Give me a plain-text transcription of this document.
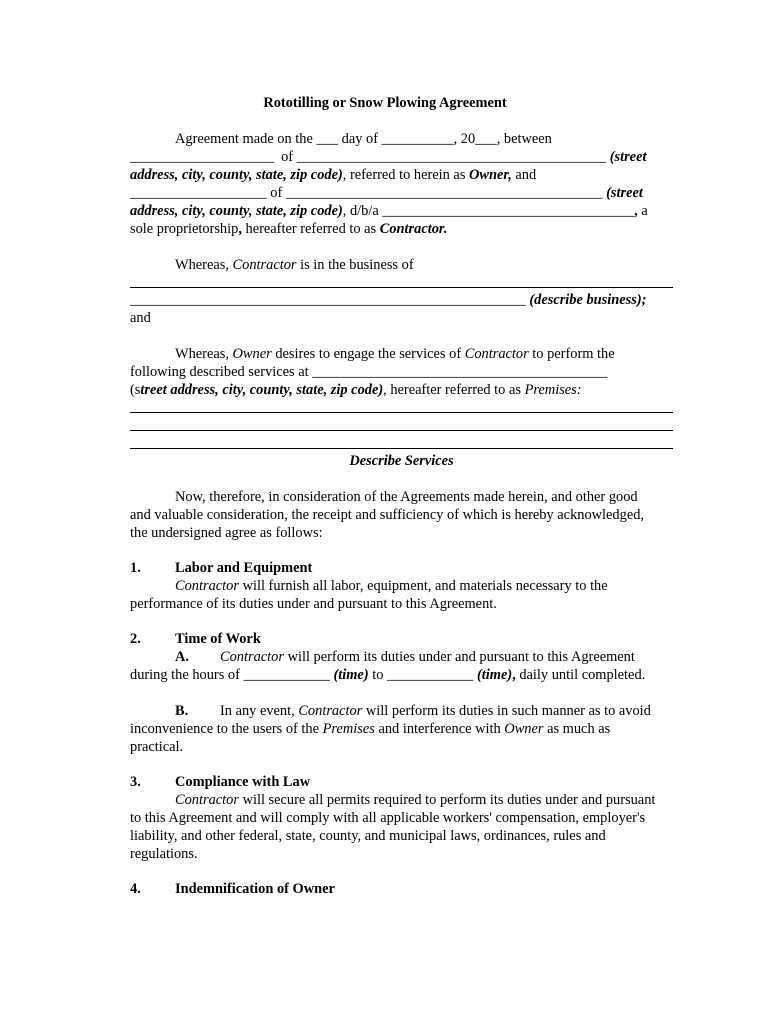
Rototilling or Snow Plowing Agreement
Agreement made on the ___ day of __________, 20___, between
____________________  of ___________________________________________ (street
address, city, county, state, zip code), referred to herein as Owner, and
___________________ of ____________________________________________ (street
address, city, county, state, zip code), d/b/a ___________________________________, a
sole proprietorship, hereafter referred to as Contractor.
Whereas, Contractor is in the business of
_______________________________________________________ (describe business);
and
Whereas, Owner desires to engage the services of Contractor to perform the
following described services at _________________________________________
(street address, city, county, state, zip code), hereafter referred to as Premises:
Describe Services
Now, therefore, in consideration of the Agreements made herein, and other good
and valuable consideration, the receipt and sufficiency of which is hereby acknowledged,
the undersigned agree as follows:
1. Labor and Equipment
Contractor will furnish all labor, equipment, and materials necessary to the
performance of its duties under and pursuant to this Agreement.
2. Time of Work
A. Contractor will perform its duties under and pursuant to this Agreement
during the hours of ____________ (time) to ____________ (time), daily until completed.
B. In any event, Contractor will perform its duties in such manner as to avoid
inconvenience to the users of the Premises and interference with Owner as much as
practical.
3. Compliance with Law
Contractor will secure all permits required to perform its duties under and pursuant
to this Agreement and will comply with all applicable workers' compensation, employer's
liability, and other federal, state, county, and municipal laws, ordinances, rules and
regulations.
4. Indemnification of Owner
